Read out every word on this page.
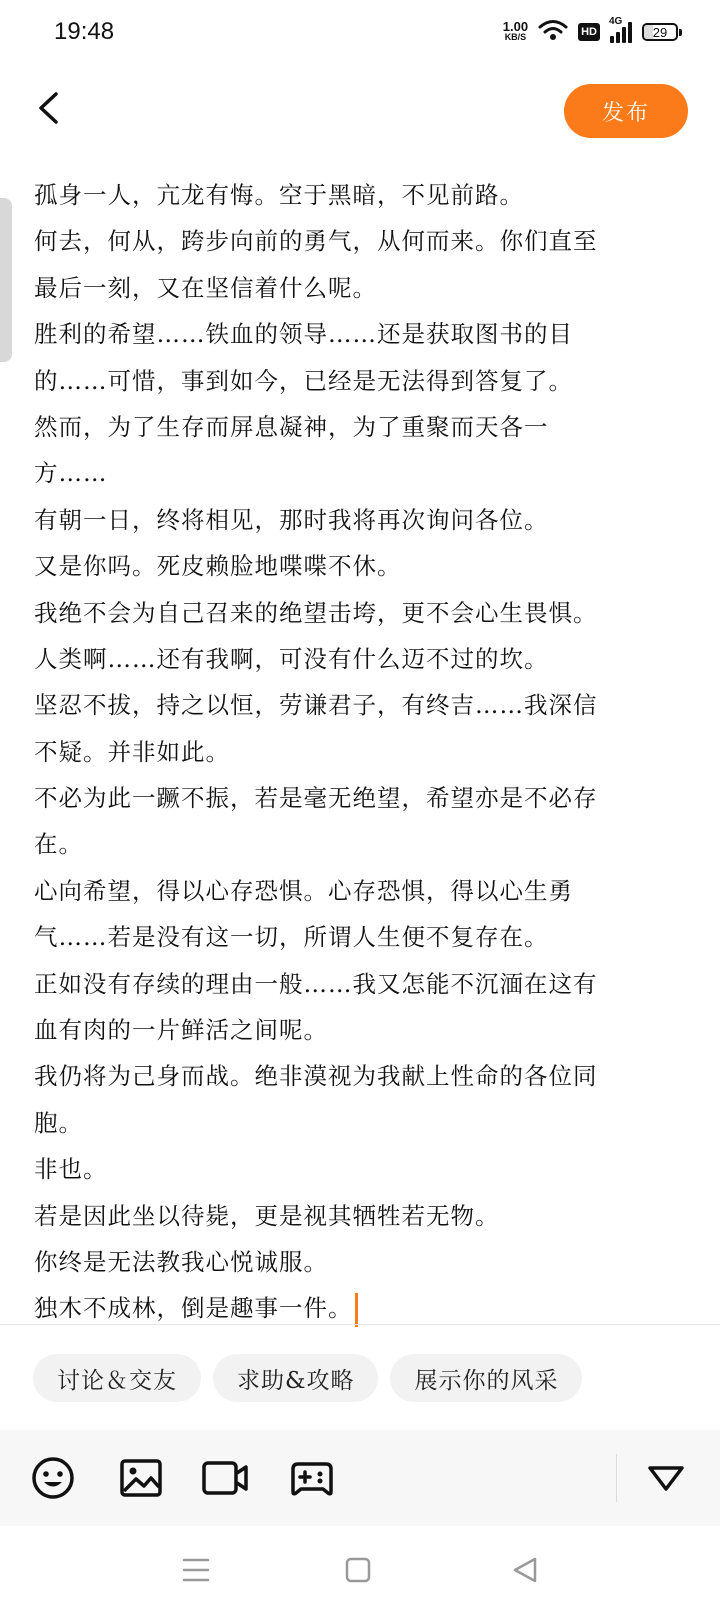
19:48	1.00
KB/S	HD
4G
29
发布
孤身一人，亢龙有悔。空于黑暗，不见前路。
何去，何从，跨步向前的勇气，从何而来。你们直至
最后一刻，又在坚信着什么呢。
胜利的希望……铁血的领导……还是获取图书的目
的……可惜，事到如今，已经是无法得到答复了。
然而，为了生存而屏息凝神，为了重聚而天各一
方……
有朝一日，终将相见，那时我将再次询问各位。
又是你吗。死皮赖脸地喋喋不休。
我绝不会为自己召来的绝望击垮，更不会心生畏惧。
人类啊……还有我啊，可没有什么迈不过的坎。
坚忍不拔，持之以恒，劳谦君子，有终吉……我深信
不疑。并非如此。
不必为此一蹶不振，若是毫无绝望，希望亦是不必存
在。
心向希望，得以心存恐惧。心存恐惧，得以心生勇
气……若是没有这一切，所谓人生便不复存在。
正如没有存续的理由一般……我又怎能不沉湎在这有
血有肉的一片鲜活之间呢。
我仍将为己身而战。绝非漠视为我献上性命的各位同
胞。
非也。
若是因此坐以待毙，更是视其牺牲若无物。
你终是无法教我心悦诚服。
独木不成林，倒是趣事一件。
讨论＆交友	求助&攻略	展示你的风采
